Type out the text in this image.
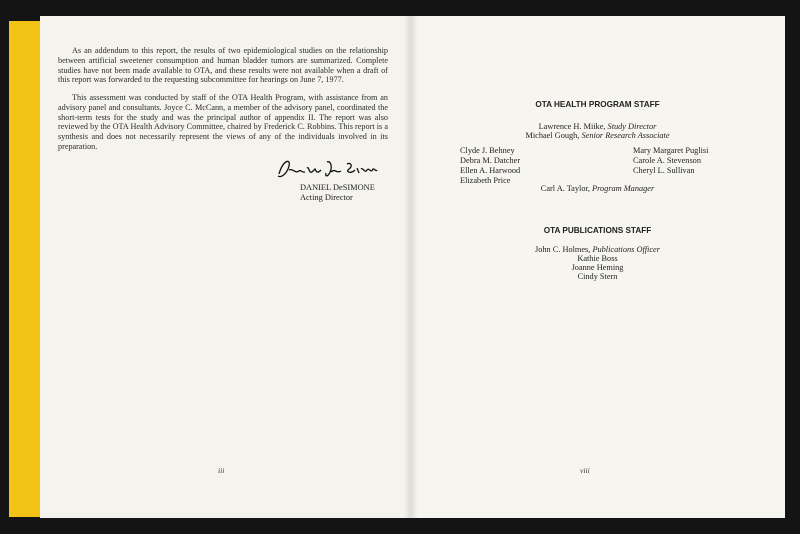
As an addendum to this report, the results of two epidemiological studies on the relationship between artificial sweetener consumption and human bladder tumors are summarized. Complete studies have not been made available to OTA, and these results were not available when a draft of this report was forwarded to the requesting subcommittee for hearings on June 7, 1977.

This assessment was conducted by staff of the OTA Health Program, with assistance from an advisory panel and consultants. Joyce C. McCann, a member of the advisory panel, coordinated the short-term tests for the study and was the principal author of appendix II. The report was also reviewed by the OTA Health Advisory Committee, chaired by Frederick C. Robbins. This report is a synthesis and does not necessarily represent the views of any of the individuals involved in its preparation.

DANIEL DeSIMONE
Acting Director
iii
OTA HEALTH PROGRAM STAFF
Lawrence H. Miike, Study Director
Michael Gough, Senior Research Associate
Clyde J. Behney
Debra M. Datcher
Ellen A. Harwood
Elizabeth Price
Mary Margaret Puglisi
Carole A. Stevenson
Cheryl L. Sullivan
Carl A. Taylor, Program Manager
OTA PUBLICATIONS STAFF
John C. Holmes, Publications Officer
Kathie Boss
Joanne Heming
Cindy Stern
viii
